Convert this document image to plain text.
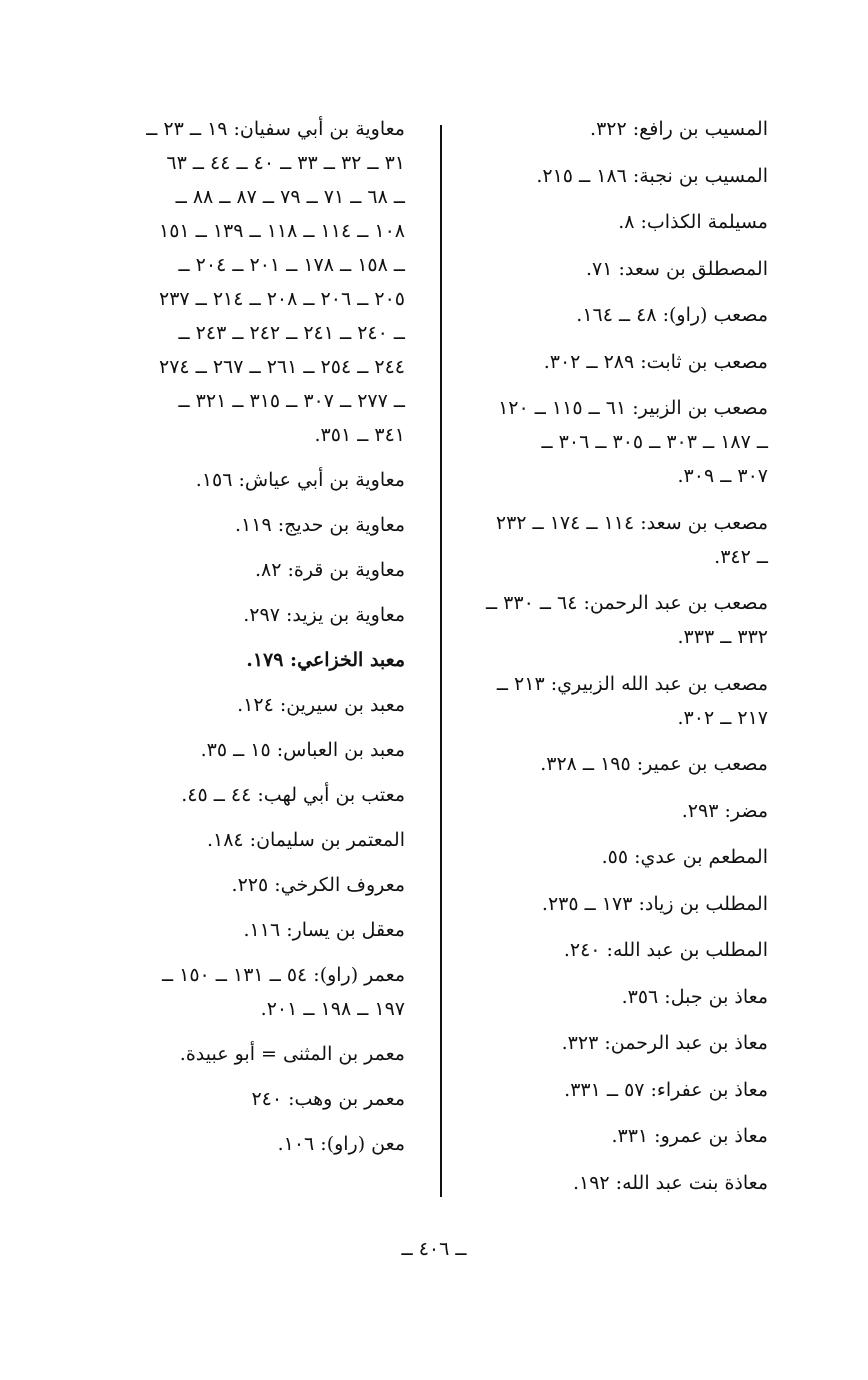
المسيب بن رافع: ٣٢٢.
المسيب بن نجبة: ١٨٦ ــ ٢١٥.
مسيلمة الكذاب: ٨.
المصطلق بن سعد: ٧١.
مصعب (راو): ٤٨ ــ ١٦٤.
مصعب بن ثابت: ٢٨٩ ــ ٣٠٢.
مصعب بن الزبير: ٦١ ــ ١١٥ ــ ١٢٠
ــ ١٨٧ ــ ٣٠٣ ــ ٣٠٥ ــ ٣٠٦ ــ
٣٠٧ ــ ٣٠٩.
مصعب بن سعد: ١١٤ ــ ١٧٤ ــ ٢٣٢
ــ ٣٤٢.
مصعب بن عبد الرحمن: ٦٤ ــ ٣٣٠ ــ
٣٣٢ ــ ٣٣٣.
مصعب بن عبد الله الزبيري: ٢١٣ ــ
٢١٧ ــ ٣٠٢.
مصعب بن عمير: ١٩٥ ــ ٣٢٨.
مضر: ٢٩٣.
المطعم بن عدي: ٥٥.
المطلب بن زياد: ١٧٣ ــ ٢٣٥.
المطلب بن عبد الله: ٢٤٠.
معاذ بن جبل: ٣٥٦.
معاذ بن عبد الرحمن: ٣٢٣.
معاذ بن عفراء: ٥٧ ــ ٣٣١.
معاذ بن عمرو: ٣٣١.
معاذة بنت عبد الله: ١٩٢.
معاوية بن أبي سفيان: ١٩ ــ ٢٣ ــ
٣١ ــ ٣٢ ــ ٣٣ ــ ٤٠ ــ ٤٤ ــ ٦٣
ــ ٦٨ ــ ٧١ ــ ٧٩ ــ ٨٧ ــ ٨٨ ــ
١٠٨ ــ ١١٤ ــ ١١٨ ــ ١٣٩ ــ ١٥١
ــ ١٥٨ ــ ١٧٨ ــ ٢٠١ ــ ٢٠٤ ــ
٢٠٥ ــ ٢٠٦ ــ ٢٠٨ ــ ٢١٤ ــ ٢٣٧
ــ ٢٤٠ ــ ٢٤١ ــ ٢٤٢ ــ ٢٤٣ ــ
٢٤٤ ــ ٢٥٤ ــ ٢٦١ ــ ٢٦٧ ــ ٢٧٤
ــ ٢٧٧ ــ ٣٠٧ ــ ٣١٥ ــ ٣٢١ ــ
٣٤١ ــ ٣٥١.
معاوية بن أبي عياش: ١٥٦.
معاوية بن حديج: ١١٩.
معاوية بن قرة: ٨٢.
معاوية بن يزيد: ٢٩٧.
معبد الخزاعي: ١٧٩.
معبد بن سيرين: ١٢٤.
معبد بن العباس: ١٥ ــ ٣٥.
معتب بن أبي لهب: ٤٤ ــ ٤٥.
المعتمر بن سليمان: ١٨٤.
معروف الكرخي: ٢٢٥.
معقل بن يسار: ١١٦.
معمر (راو): ٥٤ ــ ١٣١ ــ ١٥٠ ــ
١٩٧ ــ ١٩٨ ــ ٢٠١.
معمر بن المثنى = أبو عبيدة.
معمر بن وهب: ٢٤٠
معن (راو): ١٠٦.
ــ ٤٠٦ ــ
